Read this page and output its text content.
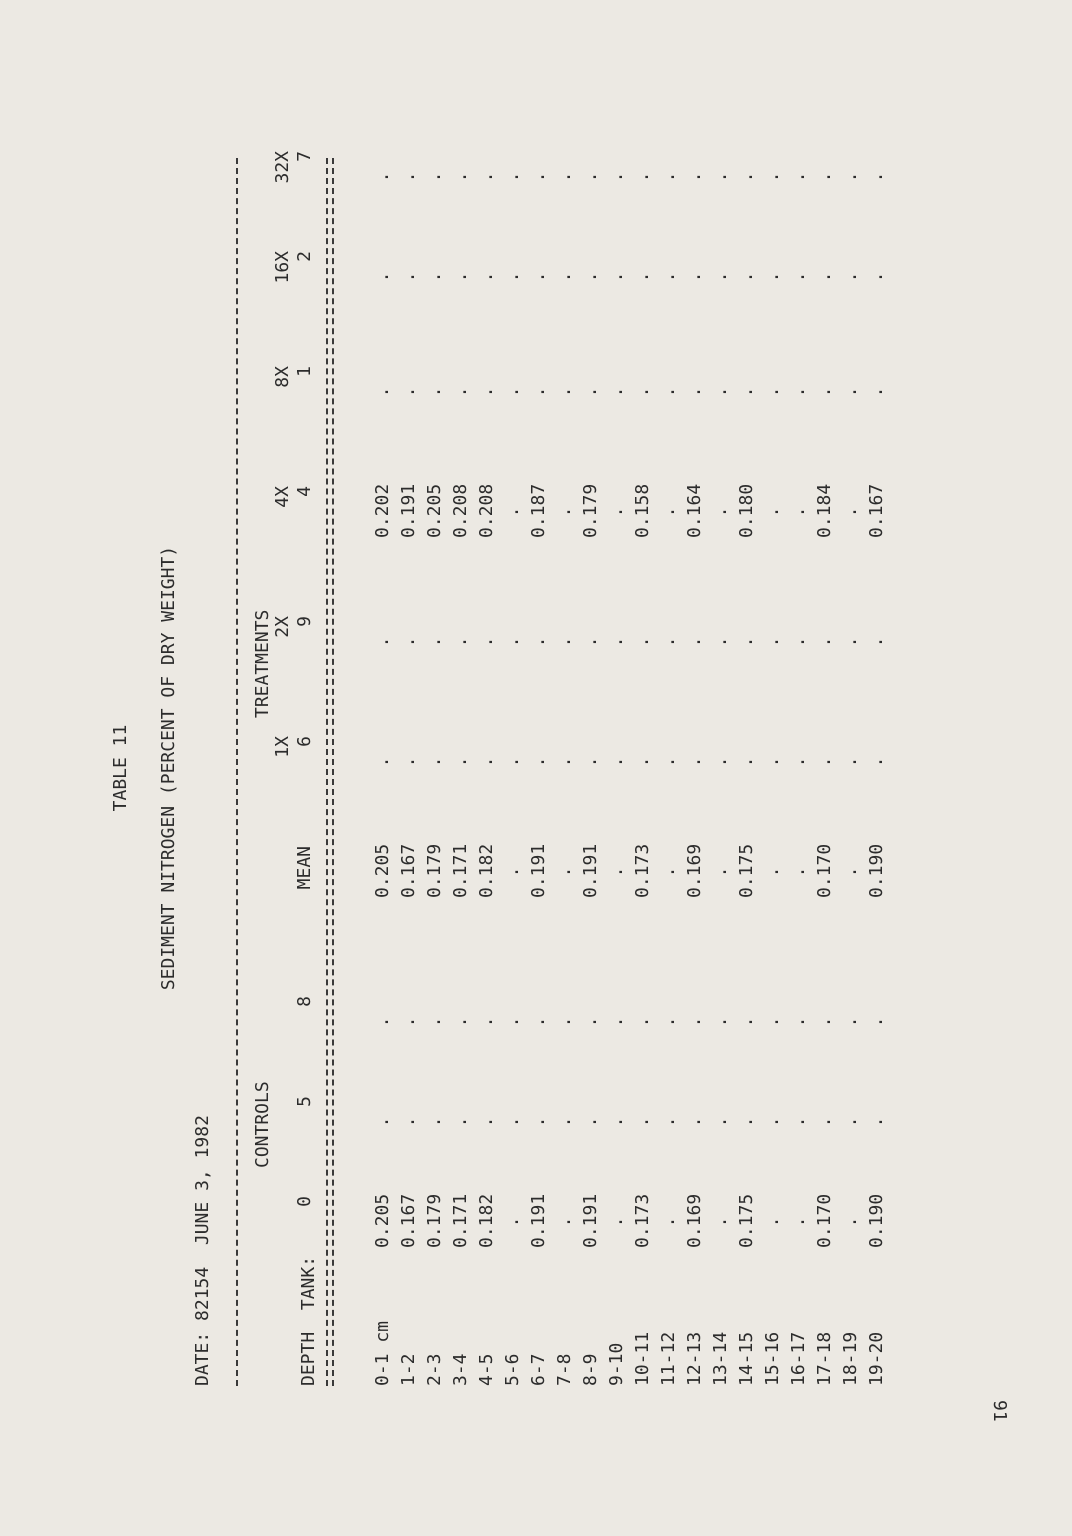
91
TABLE 11 SEDIMENT NITROGEN (PERCENT OF DRY WEIGHT)
DATE: 82154  JUNE 3, 1982 CONTROLS
TREATMENTS
1X
2X
4X
8X
16X
32X
DEPTH  TANK:
0
5
8
MEAN
6
9
4
1
2
7
0-1 cm
0.205
.
.
0.205
.
.
0.202
.
.
.
1-2
0.167
.
.
0.167
.
.
0.191
.
.
.
2-3
0.179
.
.
0.179
.
.
0.205
.
.
.
3-4
0.171
.
.
0.171
.
.
0.208
.
.
.
4-5
0.182
.
.
0.182
.
.
0.208
.
.
.
5-6
.
.
.
.
.
.
.
.
.
.
6-7
0.191
.
.
0.191
.
.
0.187
.
.
.
7-8
.
.
.
.
.
.
.
.
.
.
8-9
0.191
.
.
0.191
.
.
0.179
.
.
.
9-10
.
.
.
.
.
.
.
.
.
.
10-11
0.173
.
.
0.173
.
.
0.158
.
.
.
11-12
.
.
.
.
.
.
.
.
.
.
12-13
0.169
.
.
0.169
.
.
0.164
.
.
.
13-14
.
.
.
.
.
.
.
.
.
.
14-15
0.175
.
.
0.175
.
.
0.180
.
.
.
15-16
.
.
.
.
.
.
.
.
.
.
16-17
.
.
.
.
.
.
.
.
.
.
17-18
0.170
.
.
0.170
.
.
0.184
.
.
.
18-19
.
.
.
.
.
.
.
.
.
.
19-20
0.190
.
.
0.190
.
.
0.167
.
.
.
